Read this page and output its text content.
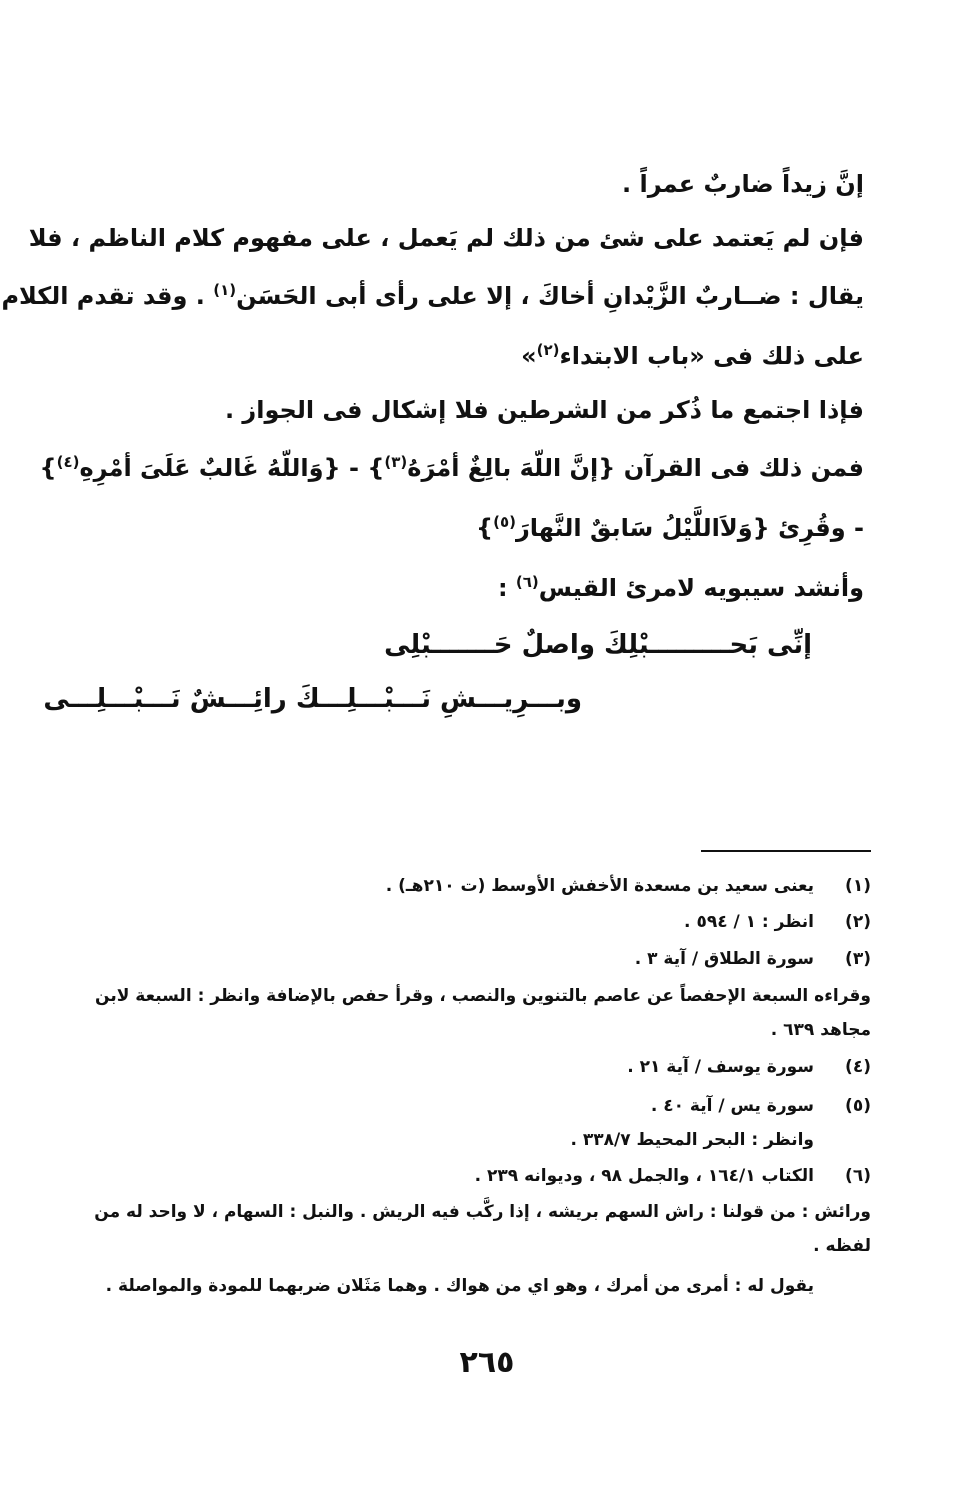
إنَّ زيداً ضاربٌ عمراً .
فإن لم يَعتمد على شئ من ذلك لم يَعمل ، على مفهوم كلام الناظم ، فلا
يقال : ضــاربٌ الزَّيْدانِ أخاكَ ، إلا على رأى أبى الحَسَن$^{(١)}$ . وقد تقدم الكلام
على ذلك فى «باب الابتداء$^{(٢)}$»
فإذا اجتمع ما ذُكر من الشرطين فلا إشكال فى الجواز .
فمن ذلك فى القرآن {إنَّ اللّهَ بالِغٌ أمْرَهُ$^{(٣)}$} - {وَاللّهُ غَالبٌ عَلَىَ أمْرِهِ$^{(٤)}$}
- وقُرِئ {وَلاَاللَّيْلُ سَابقٌ النَّهارَ$^{(٥)}$}
وأنشد سيبويه لامرئ القيس$^{(٦)}$ :
إنِّى بَحـــــــــبْلِكَ واصلٌ حَـــــــبْلِى
وبـــرِيـــشِ نَـــبْـــلِـــكَ رائِـــشٌ نَـــبْـــلِـــى
(١)
يعنى سعيد بن مسعدة الأخفش الأوسط (ت ٢١٠هـ) .
(٢)
انظر : ١ / ٥٩٤ .
(٣)
سورة الطلاق / آية ٣ .
وقراءه السبعة الإحفصاً عن عاصم بالتنوين والنصب ، وقرأ حفص بالإضافة وانظر : السبعة لابن
مجاهد ٦٣٩ .
(٤)
سورة يوسف / آية ٢١ .
(٥)
سورة يس / آية ٤٠ .
وانظر : البحر المحيط ٣٣٨/٧ .
(٦)
الكتاب ١٦٤/١ ، والجمل ٩٨ ، وديوانه ٢٣٩ .
ورائش : من قولنا : راش السهم بريشه ، إذا ركَّب فيه الريش . والنبل : السهام ، لا واحد له من
لفظه .
يقول له : أمرى من أمرك ، وهو اي من هواك . وهما مَثَلان ضربهما للمودة والمواصلة .
٢٦٥
